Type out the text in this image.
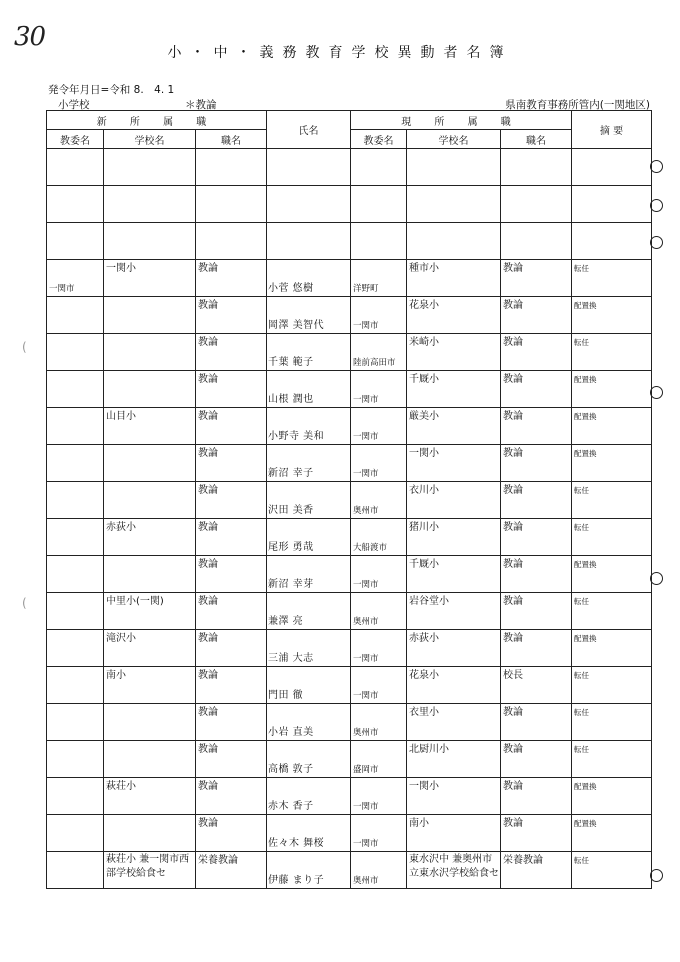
30
小・中・義務教育学校異動者名簿
発令年月日=令和 8.　4. 1
小学校	＊教論	県南教育事務所管内(一関地区)
新 所 属 職			氏名	現 所 属 職			摘 要
教委名	学校名	職名		教委名	学校名	職名	

一関市	一関小	教論	小菅 悠樹	洋野町	種市小	教論	転任

		教論	岡澤 美智代	一関市	花泉小	教論	配置換

		教論	千葉 範子	陸前高田市	米崎小	教論	転任

		教論	山根 潤也	一関市	千厩小	教論	配置換

	山目小	教論	小野寺 美和	一関市	厳美小	教論	配置換

		教論	新沼 幸子	一関市	一関小	教論	配置換

		教論	沢田 美香	奥州市	衣川小	教論	転任

	赤荻小	教論	尾形 勇哉	大船渡市	猪川小	教論	転任

		教論	新沼 幸芽	一関市	千厩小	教論	配置換

	中里小(一関)	教論	兼澤 亮	奥州市	岩谷堂小	教論	転任

	滝沢小	教論	三浦 大志	一関市	赤荻小	教論	配置換

	南小	教論	門田 徹	一関市	花泉小	校長	転任

		教論	小岩 直美	奥州市	衣里小	教論	転任

		教論	高橋 敦子	盛岡市	北厨川小	教論	転任

	萩荘小	教論	赤木 香子	一関市	一関小	教論	配置換

		教論	佐々木 舞桜	一関市	南小	教論	配置換

	萩荘小 兼一関市西部学校給食セ	栄養教論	伊藤 まり子	奥州市	東水沢中 兼奥州市立東水沢学校給食セ	栄養教論	転任
(
(
